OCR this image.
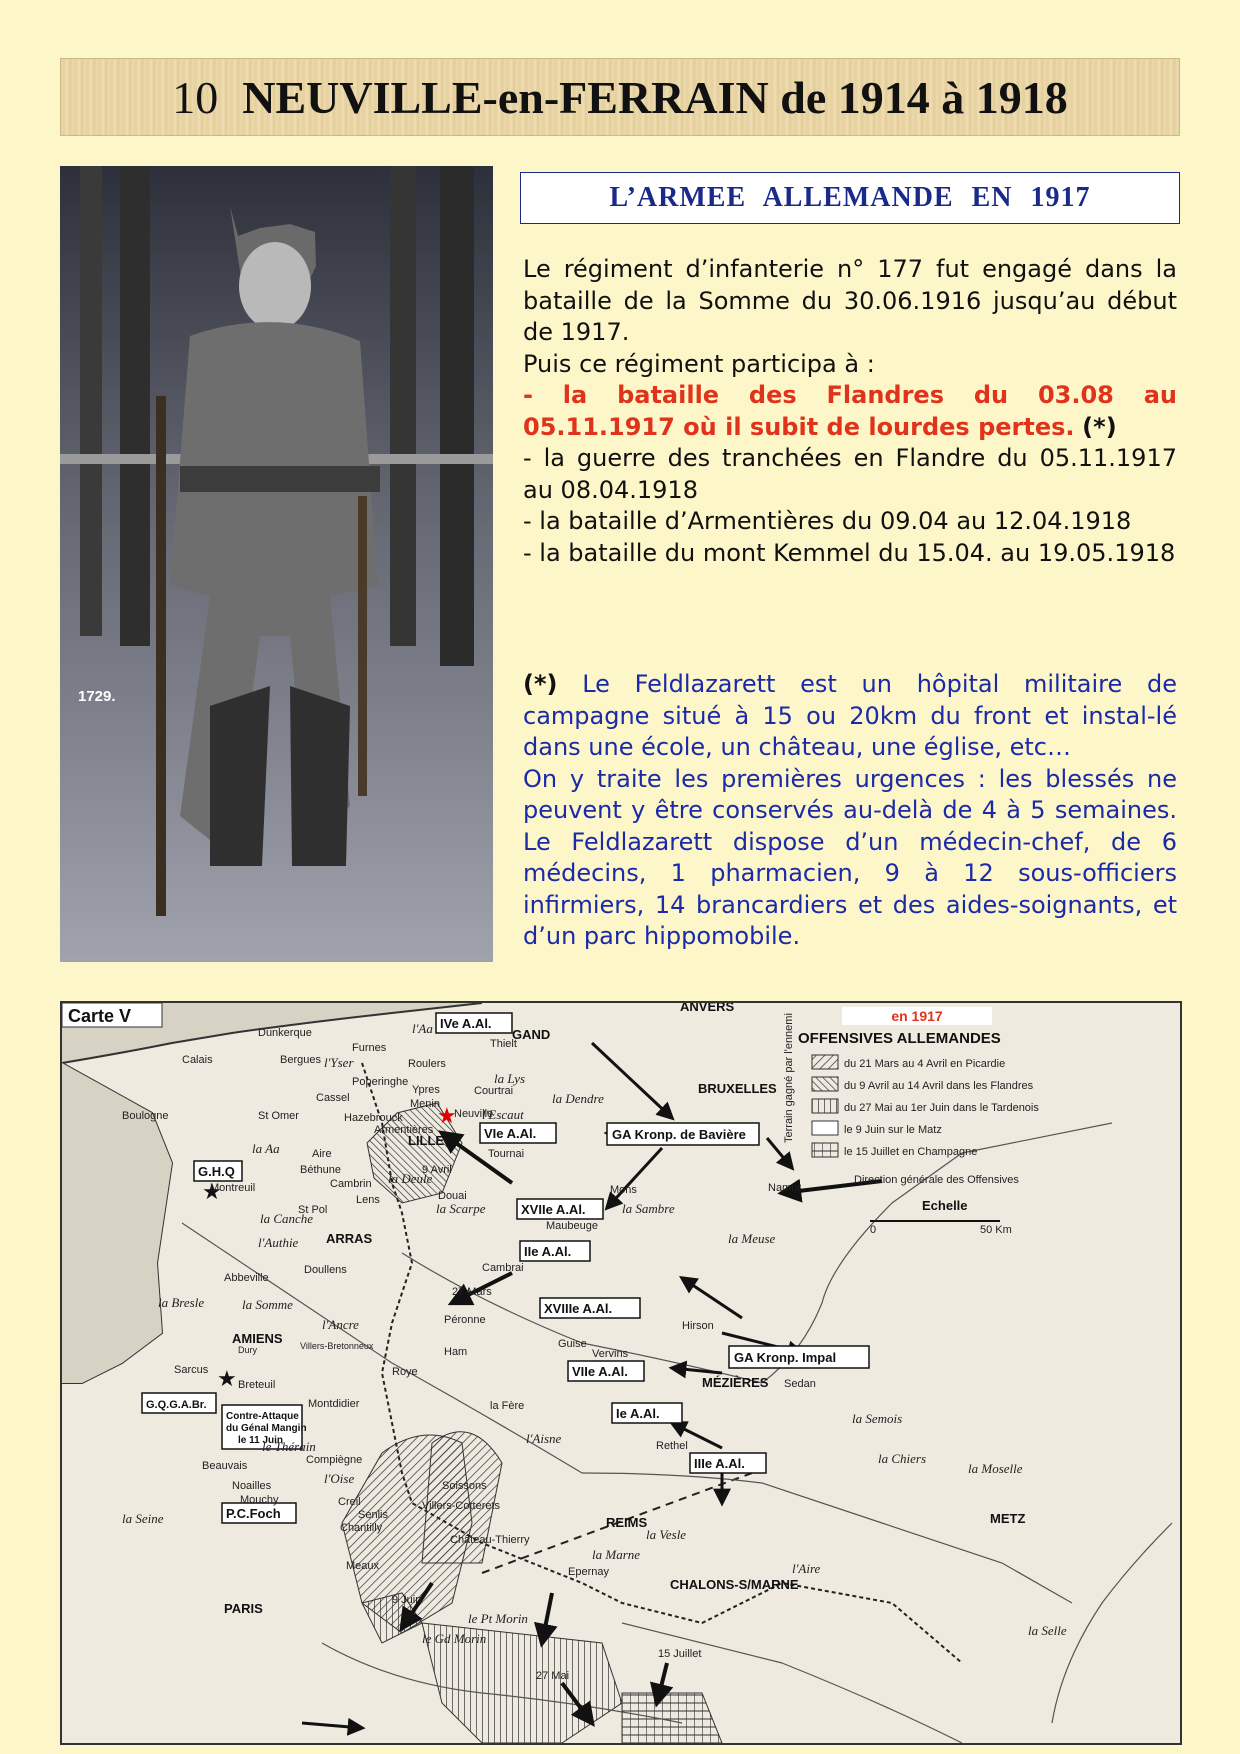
10 NEUVILLE-en-FERRAIN de 1914 à 1918
1729.
L’ARMEE ALLEMANDE EN 1917

Le régiment d’infanterie n° 177 fut engagé dans la bataille de la Somme du 30.06.1916 jusqu’au début de 1917.

Puis ce régiment participa à :

- la bataille des Flandres du 03.08 au 05.11.1917 où il subit de lourdes pertes. (*)

- la guerre des tranchées en Flandre du 05.11.1917 au 08.04.1918

- la bataille d’Armentières du 09.04 au 12.04.1918

- la bataille du mont Kemmel du 15.04. au 19.05.1918

(*) Le Feldlazarett est un hôpital militaire de campagne situé à 15 ou 20km du front et instal-lé dans une école, un château, une église, etc…

On y traite les premières urgences : les blessés ne peuvent y être conservés au-delà de 4 à 5 semaines. Le Feldlazarett dispose d’un médecin-chef, de 6 médecins, 1 pharmacien, 9 à 12 sous-officiers infirmiers, 14 brancardiers et des aides-soignants, et d’un parc hippomobile.

Carte V	en 1917
OFFENSIVES ALLEMANDES
du 21 Mars au 4 Avril en Picardie
du 9 Avril au 14 Avril dans les Flandres
du 27 Mai au 1er Juin dans le Tardenois
le 9 Juin sur le Matz
le 15 Juillet en Champagne
Direction générale des Offensives
Terrain gagné par l'ennemi
Echelle
0	50 Km
IVe A.Al.
VIe A.Al.
XVIIe A.Al.
IIe A.Al.
XVIIIe A.Al.
VIIe A.Al.
Ie A.Al.
IIIe A.Al.
GA Kronp. de Bavière
GA Kronp. Impal
G.H.Q
G.Q.G.A.Br.
Contre-Attaque
du Génal Mangin
le 11 Juin
P.C.Foch
★
★
★
ANVERS
GAND
BRUXELLES
Dunkerque
Calais
Boulogne
Furnes
Bergues
Thielt
Roulers
Ypres
Poperinghe
Cassel
Courtrai
Menin
Neuville
Hazebrouck
Armentières
LILLE
Tournai
St Omer
Aire
Béthune
Cambrin
Lens	Douai	Mons
Maubeuge
Namur
Montreuil
St Pol
ARRAS
Doullens
Abbeville
Cambrai
Péronne
AMIENS
Hirson
Guise
Vervins
MÉZIÈRES Sedan
Breteuil
Sarcus
Montdidier
Roye
Ham
la Fère
Rethel
Compiègne
Soissons
Beauvais
Noailles
Mouchy	Creil
Senlis
Chantilly
Villers-Cotterets
REIMS
Château-Thierry
Epernay
CHALONS-S/MARNE
Meaux
PARIS
METZ
Dury	Villers-Bretonneux
l'Yser
la Lys
l'Escaut
la Dendre
la Deule
la Scarpe	la Sambre
la Meuse
la Canche
l'Authie
la Somme
la Bresle
l'Ancre
l'Oise
l'Aisne
la Marne
la Vesle
la Seine
le Thérain
l'Aire
la Semois
la Chiers
la Moselle
le Pt Morin
le Gd Morin
la Selle
la Aa
l'Aa
9 Avril
27 Mars
9 Juin
27 Mai
15 Juillet
